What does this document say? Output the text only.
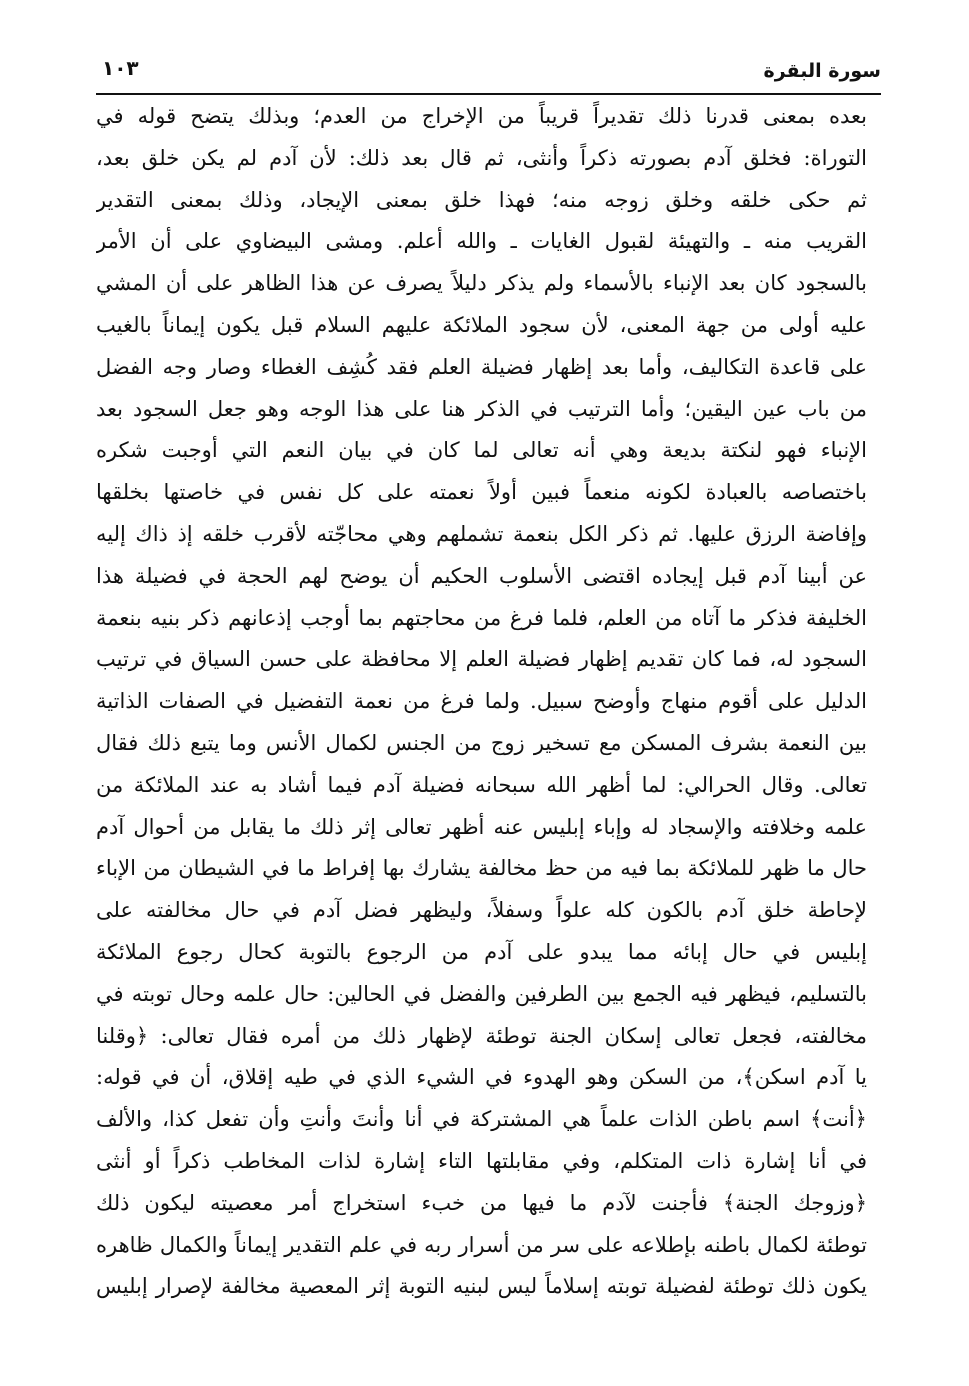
سورة البقرة
١٠٣
بعده بمعنى قدرنا ذلك تقديراً قريباً من الإخراج من العدم؛ وبذلك يتضح قوله في
التوراة: فخلق آدم بصورته ذكراً وأنثى، ثم قال بعد ذلك: لأن آدم لم يكن خلق بعد،
ثم حكى خلقه وخلق زوجه منه؛ فهذا خلق بمعنى الإيجاد، وذلك بمعنى التقدير
القريب منه ـ والتهيئة لقبول الغايات ـ والله أعلم. ومشى البيضاوي على أن الأمر
بالسجود كان بعد الإنباء بالأسماء ولم يذكر دليلاً يصرف عن هذا الظاهر على أن المشي
عليه أولى من جهة المعنى، لأن سجود الملائكة عليهم السلام قبل يكون إيماناً بالغيب
على قاعدة التكاليف، وأما بعد إظهار فضيلة العلم فقد كُشِف الغطاء وصار وجه الفضل
من باب عين اليقين؛ وأما الترتيب في الذكر هنا على هذا الوجه وهو جعل السجود بعد
الإنباء فهو لنكتة بديعة وهي أنه تعالى لما كان في بيان النعم التي أوجبت شكره
باختصاصه بالعبادة لكونه منعماً فبين أولاً نعمته على كل نفس في خاصتها بخلقها
وإفاضة الرزق عليها. ثم ذكر الكل بنعمة تشملهم وهي محاجّته لأقرب خلقه إذ ذاك إليه
عن أبينا آدم قبل إيجاده اقتضى الأسلوب الحكيم أن يوضح لهم الحجة في فضيلة هذا
الخليفة فذكر ما آتاه من العلم، فلما فرغ من محاجتهم بما أوجب إذعانهم ذكر بنيه بنعمة
السجود له، فما كان تقديم إظهار فضيلة العلم إلا محافظة على حسن السياق في ترتيب
الدليل على أقوم منهاج وأوضح سبيل. ولما فرغ من نعمة التفضيل في الصفات الذاتية
بين النعمة بشرف المسكن مع تسخير زوج من الجنس لكمال الأنس وما يتبع ذلك فقال
تعالى. وقال الحرالي: لما أظهر الله سبحانه فضيلة آدم فيما أشاد به عند الملائكة من
علمه وخلافته والإسجاد له وإباء إبليس عنه أظهر تعالى إثر ذلك ما يقابل من أحوال آدم
حال ما ظهر للملائكة بما فيه من حظ مخالفة يشارك بها إفراط ما في الشيطان من الإباء
لإحاطة خلق آدم بالكون كله علواً وسفلاً، وليظهر فضل آدم في حال مخالفته على
إبليس في حال إبائه مما يبدو على آدم من الرجوع بالتوبة كحال رجوع الملائكة
بالتسليم، فيظهر فيه الجمع بين الطرفين والفضل في الحالين: حال علمه وحال توبته في
مخالفته، فجعل تعالى إسكان الجنة توطئة لإظهار ذلك من أمره فقال تعالى: ﴿وقلنا
يا آدم اسكن﴾، من السكن وهو الهدوء في الشيء الذي في طيه إقلاق، أن في قوله:
﴿أنت﴾ اسم باطن الذات علماً هي المشتركة في أنا وأنتَ وأنتِ وأن تفعل كذا، والألف
في أنا إشارة ذات المتكلم، وفي مقابلتها التاء إشارة لذات المخاطب ذكراً أو أنثى
﴿وزوجك الجنة﴾ فأجنت لآدم ما فيها من خبء استخراج أمر معصيته ليكون ذلك
توطئة لكمال باطنه بإطلاعه على سر من أسرار ربه في علم التقدير إيماناً والكمال ظاهره
يكون ذلك توطئة لفضيلة توبته إسلاماً ليس لبنيه التوبة إثر المعصية مخالفة لإصرار إبليس
